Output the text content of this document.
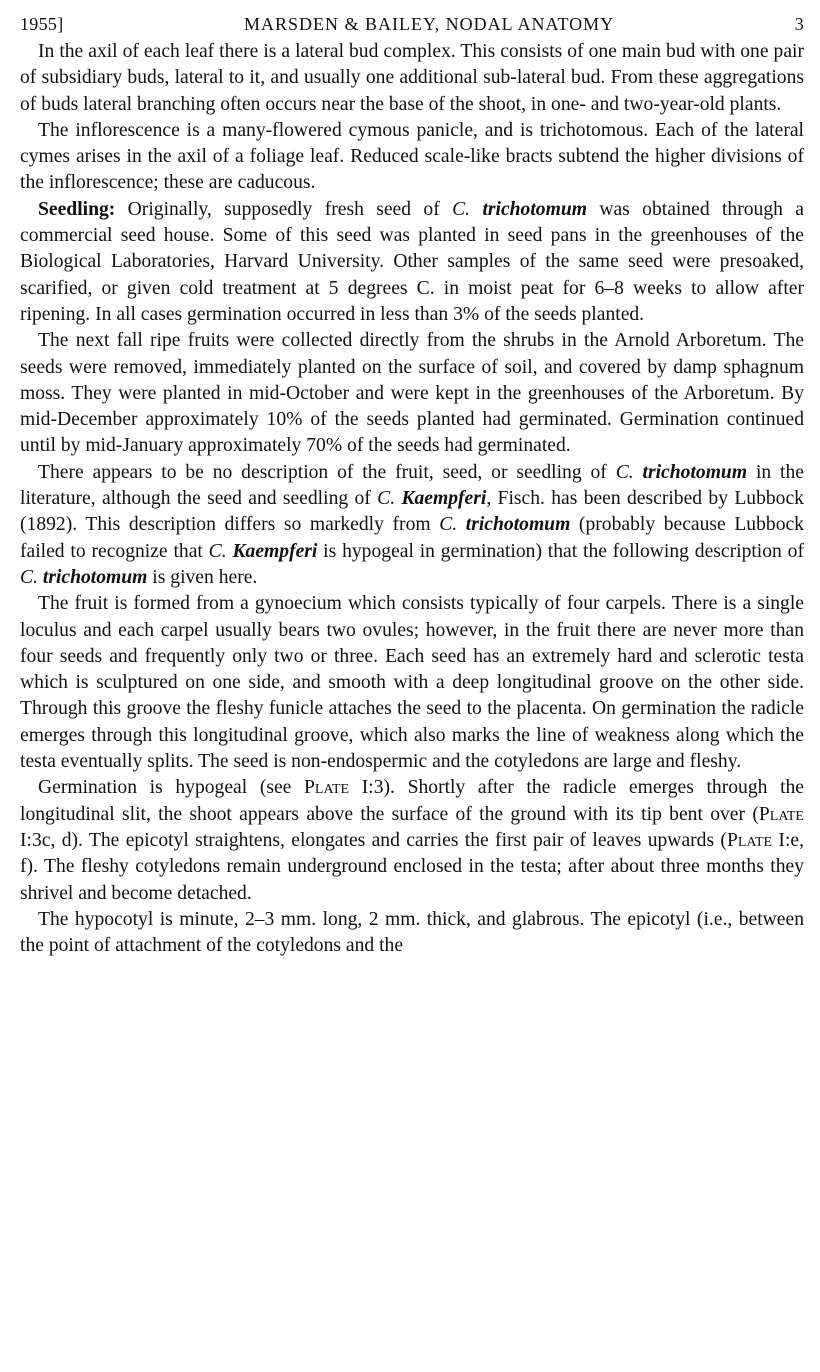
1955]	MARSDEN & BAILEY, NODAL ANATOMY	3

In the axil of each leaf there is a lateral bud complex. This consists of one main bud with one pair of subsidiary buds, lateral to it, and usually one additional sub-lateral bud. From these aggregations of buds lateral branching often occurs near the base of the shoot, in one- and two-year-old plants.

The inflorescence is a many-flowered cymous panicle, and is trichotomous. Each of the lateral cymes arises in the axil of a foliage leaf. Reduced scale-like bracts subtend the higher divisions of the inflorescence; these are caducous.

Seedling: Originally, supposedly fresh seed of C. trichotomum was obtained through a commercial seed house. Some of this seed was planted in seed pans in the greenhouses of the Biological Laboratories, Harvard University. Other samples of the same seed were presoaked, scarified, or given cold treatment at 5 degrees C. in moist peat for 6–8 weeks to allow after ripening. In all cases germination occurred in less than 3% of the seeds planted.

The next fall ripe fruits were collected directly from the shrubs in the Arnold Arboretum. The seeds were removed, immediately planted on the surface of soil, and covered by damp sphagnum moss. They were planted in mid-October and were kept in the greenhouses of the Arboretum. By mid-December approximately 10% of the seeds planted had germinated. Germination continued until by mid-January approximately 70% of the seeds had germinated.

There appears to be no description of the fruit, seed, or seedling of C. trichotomum in the literature, although the seed and seedling of C. Kaempferi, Fisch. has been described by Lubbock (1892). This description differs so markedly from C. trichotomum (probably because Lubbock failed to recognize that C. Kaempferi is hypogeal in germination) that the following description of C. trichotomum is given here.

The fruit is formed from a gynoecium which consists typically of four carpels. There is a single loculus and each carpel usually bears two ovules; however, in the fruit there are never more than four seeds and frequently only two or three. Each seed has an extremely hard and sclerotic testa which is sculptured on one side, and smooth with a deep longitudinal groove on the other side. Through this groove the fleshy funicle attaches the seed to the placenta. On germination the radicle emerges through this longitudinal groove, which also marks the line of weakness along which the testa eventually splits. The seed is non-endospermic and the cotyledons are large and fleshy.

Germination is hypogeal (see Plate I:3). Shortly after the radicle emerges through the longitudinal slit, the shoot appears above the surface of the ground with its tip bent over (Plate I:3c, d). The epicotyl straightens, elongates and carries the first pair of leaves upwards (Plate I:e, f). The fleshy cotyledons remain underground enclosed in the testa; after about three months they shrivel and become detached.

The hypocotyl is minute, 2–3 mm. long, 2 mm. thick, and glabrous. The epicotyl (i.e., between the point of attachment of the cotyledons and the
